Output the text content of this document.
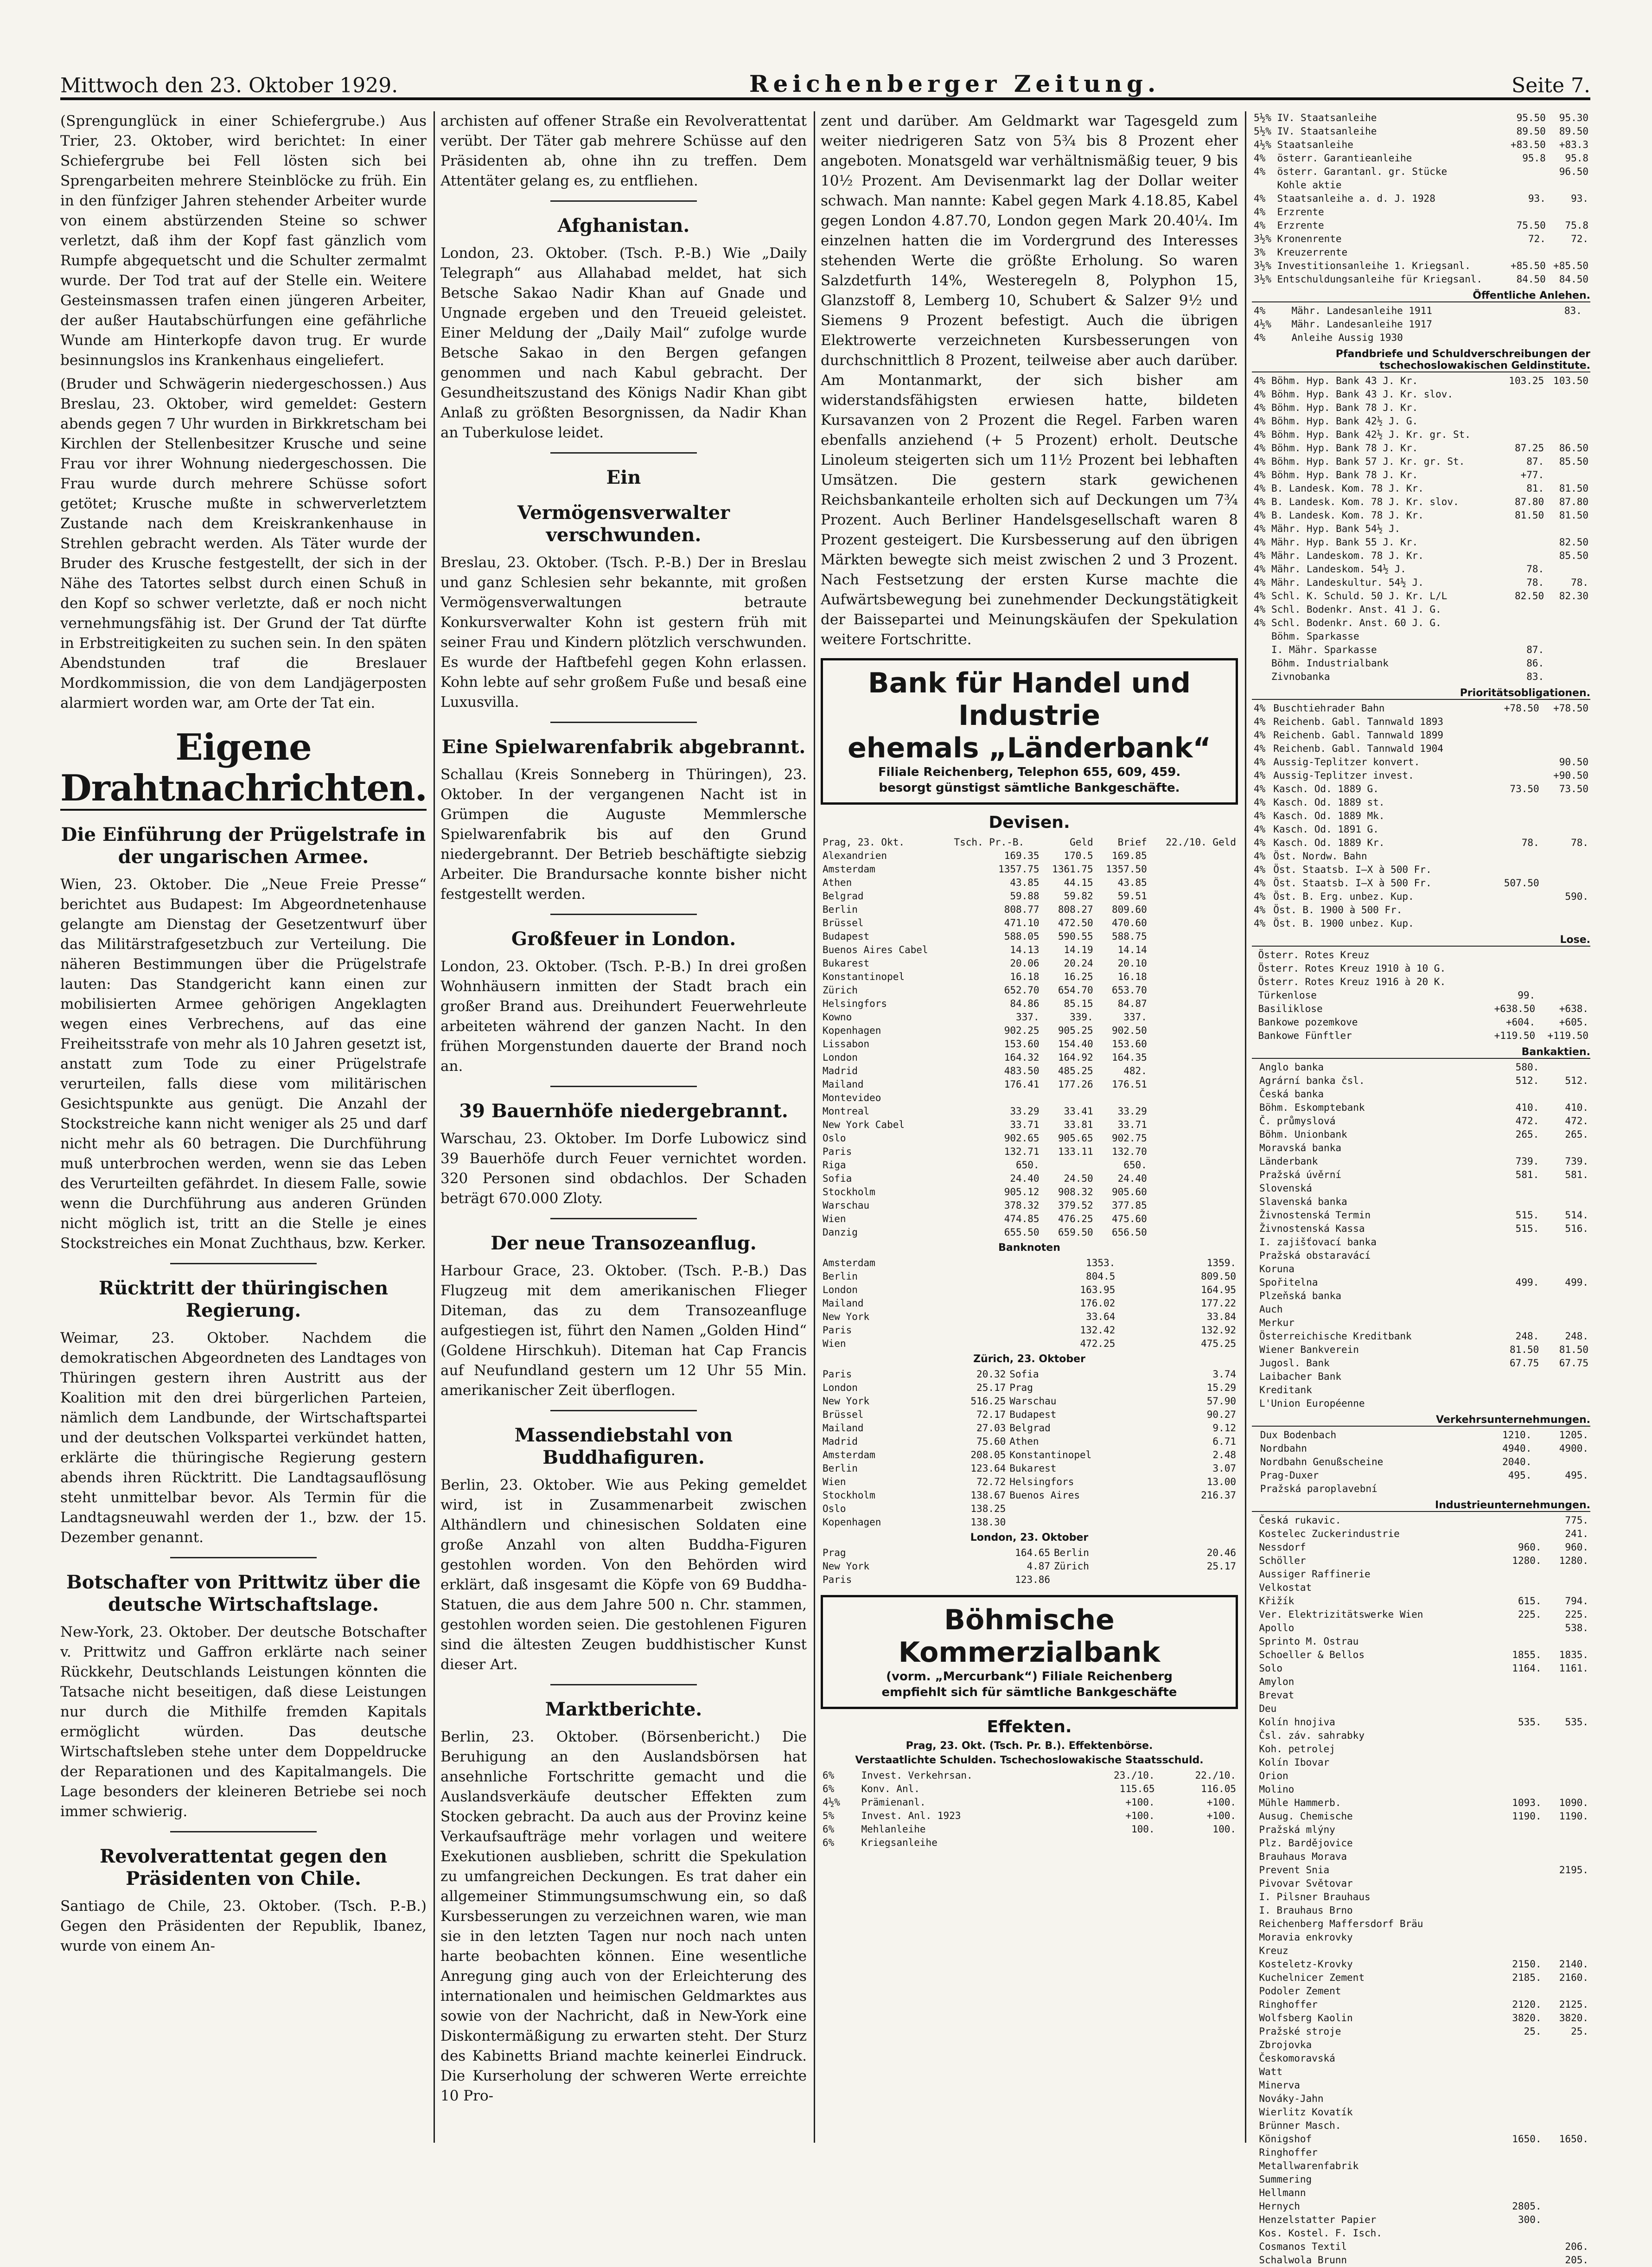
Mittwoch den 23. Oktober 1929.	Reichenberger Zeitung.	Seite 7.

(Sprengunglück in einer Schiefergrube.) Aus Trier, 23. Oktober, wird berichtet: In einer Schiefergrube bei Fell lösten sich bei Sprengarbeiten mehrere Steinblöcke zu früh. Ein in den fünfziger Jahren stehender Arbeiter wurde von einem abstürzenden Steine so schwer verletzt, daß ihm der Kopf fast gänzlich vom Rumpfe abgequetscht und die Schulter zermalmt wurde. Der Tod trat auf der Stelle ein. Weitere Gesteinsmassen trafen einen jüngeren Arbeiter, der außer Hautabschürfungen eine gefährliche Wunde am Hinterkopfe davon trug. Er wurde besinnungslos ins Krankenhaus eingeliefert.

(Bruder und Schwägerin niedergeschossen.) Aus Breslau, 23. Oktober, wird gemeldet: Gestern abends gegen 7 Uhr wurden in Birkkretscham bei Kirchlen der Stellenbesitzer Krusche und seine Frau vor ihrer Wohnung niedergeschossen. Die Frau wurde durch mehrere Schüsse sofort getötet; Krusche mußte in schwerverletztem Zustande nach dem Kreiskrankenhause in Strehlen gebracht werden. Als Täter wurde der Bruder des Krusche festgestellt, der sich in der Nähe des Tatortes selbst durch einen Schuß in den Kopf so schwer verletzte, daß er noch nicht vernehmungsfähig ist. Der Grund der Tat dürfte in Erbstreitigkeiten zu suchen sein. In den späten Abendstunden traf die Breslauer Mordkommission, die von dem Landjägerposten alarmiert worden war, am Orte der Tat ein.

Eigene Drahtnachrichten.
Die Einführung der Prügelstrafe in der ungarischen Armee.

Wien, 23. Oktober. Die „Neue Freie Presse“ berichtet aus Budapest: Im Abgeordnetenhause gelangte am Dienstag der Gesetzentwurf über das Militärstrafgesetzbuch zur Verteilung. Die näheren Bestimmungen über die Prügelstrafe lauten: Das Standgericht kann einen zur mobilisierten Armee gehörigen Angeklagten wegen eines Verbrechens, auf das eine Freiheitsstrafe von mehr als 10 Jahren gesetzt ist, anstatt zum Tode zu einer Prügelstrafe verurteilen, falls diese vom militärischen Gesichtspunkte aus genügt. Die Anzahl der Stockstreiche kann nicht weniger als 25 und darf nicht mehr als 60 betragen. Die Durchführung muß unterbrochen werden, wenn sie das Leben des Verurteilten gefährdet. In diesem Falle, sowie wenn die Durchführung aus anderen Gründen nicht möglich ist, tritt an die Stelle je eines Stockstreiches ein Monat Zuchthaus, bzw. Kerker.

Rücktritt der thüringischen Regierung.

Weimar, 23. Oktober. Nachdem die demokratischen Abgeordneten des Landtages von Thüringen gestern ihren Austritt aus der Koalition mit den drei bürgerlichen Parteien, nämlich dem Landbunde, der Wirtschaftspartei und der deutschen Volkspartei verkündet hatten, erklärte die thüringische Regierung gestern abends ihren Rücktritt. Die Landtagsauflösung steht unmittelbar bevor. Als Termin für die Landtagsneuwahl werden der 1., bzw. der 15. Dezember genannt.

Botschafter von Prittwitz über die deutsche Wirtschaftslage.

New-York, 23. Oktober. Der deutsche Botschafter v. Prittwitz und Gaffron erklärte nach seiner Rückkehr, Deutschlands Leistungen könnten die Tatsache nicht beseitigen, daß diese Leistungen nur durch die Mithilfe fremden Kapitals ermöglicht würden. Das deutsche Wirtschaftsleben stehe unter dem Doppeldrucke der Reparationen und des Kapitalmangels. Die Lage besonders der kleineren Betriebe sei noch immer schwierig.

Revolverattentat gegen den Präsidenten von Chile.

Santiago de Chile, 23. Oktober. (Tsch. P.-B.) Gegen den Präsidenten der Republik, Ibanez, wurde von einem An-

archisten auf offener Straße ein Revolverattentat verübt. Der Täter gab mehrere Schüsse auf den Präsidenten ab, ohne ihn zu treffen. Dem Attentäter gelang es, zu entfliehen.

Afghanistan.

London, 23. Oktober. (Tsch. P.-B.) Wie „Daily Telegraph“ aus Allahabad meldet, hat sich Betsche Sakao Nadir Khan auf Gnade und Ungnade ergeben und den Treueid geleistet. Einer Meldung der „Daily Mail“ zufolge wurde Betsche Sakao in den Bergen gefangen genommen und nach Kabul gebracht. Der Gesundheitszustand des Königs Nadir Khan gibt Anlaß zu größten Besorgnissen, da Nadir Khan an Tuberkulose leidet.

Ein
Vermögensverwalter verschwunden.

Breslau, 23. Oktober. (Tsch. P.-B.) Der in Breslau und ganz Schlesien sehr bekannte, mit großen Vermögensverwaltungen betraute Konkursverwalter Kohn ist gestern früh mit seiner Frau und Kindern plötzlich verschwunden. Es wurde der Haftbefehl gegen Kohn erlassen. Kohn lebte auf sehr großem Fuße und besaß eine Luxusvilla.

Eine Spielwarenfabrik abgebrannt.

Schallau (Kreis Sonneberg in Thüringen), 23. Oktober. In der vergangenen Nacht ist in Grümpen die Auguste Memmlersche Spielwarenfabrik bis auf den Grund niedergebrannt. Der Betrieb beschäftigte siebzig Arbeiter. Die Brandursache konnte bisher nicht festgestellt werden.

Großfeuer in London.

London, 23. Oktober. (Tsch. P.-B.) In drei großen Wohnhäusern inmitten der Stadt brach ein großer Brand aus. Dreihundert Feuerwehrleute arbeiteten während der ganzen Nacht. In den frühen Morgenstunden dauerte der Brand noch an.

39 Bauernhöfe niedergebrannt.

Warschau, 23. Oktober. Im Dorfe Lubowicz sind 39 Bauerhöfe durch Feuer vernichtet worden. 320 Personen sind obdachlos. Der Schaden beträgt 670.000 Zloty.

Der neue Transozeanflug.

Harbour Grace, 23. Oktober. (Tsch. P.-B.) Das Flugzeug mit dem amerikanischen Flieger Diteman, das zu dem Transozeanfluge aufgestiegen ist, führt den Namen „Golden Hind“ (Goldene Hirschkuh). Diteman hat Cap Francis auf Neufundland gestern um 12 Uhr 55 Min. amerikanischer Zeit überflogen.

Massendiebstahl von Buddhafiguren.

Berlin, 23. Oktober. Wie aus Peking gemeldet wird, ist in Zusammenarbeit zwischen Althändlern und chinesischen Soldaten eine große Anzahl von alten Buddha-Figuren gestohlen worden. Von den Behörden wird erklärt, daß insgesamt die Köpfe von 69 Buddha-Statuen, die aus dem Jahre 500 n. Chr. stammen, gestohlen worden seien. Die gestohlenen Figuren sind die ältesten Zeugen buddhistischer Kunst dieser Art.

Marktberichte.

Berlin, 23. Oktober. (Börsenbericht.) Die Beruhigung an den Auslandsbörsen hat ansehnliche Fortschritte gemacht und die Auslandsverkäufe deutscher Effekten zum Stocken gebracht. Da auch aus der Provinz keine Verkaufsaufträge mehr vorlagen und weitere Exekutionen ausblieben, schritt die Spekulation zu umfangreichen Deckungen. Es trat daher ein allgemeiner Stimmungsumschwung ein, so daß Kursbesserungen zu verzeichnen waren, wie man sie in den letzten Tagen nur noch nach unten harte beobachten können. Eine wesentliche Anregung ging auch von der Erleichterung des internationalen und heimischen Geldmarktes aus sowie von der Nachricht, daß in New-York eine Diskontermäßigung zu erwarten steht. Der Sturz des Kabinetts Briand machte keinerlei Eindruck. Die Kurserholung der schweren Werte erreichte 10 Pro-

zent und darüber. Am Geldmarkt war Tagesgeld zum weiter niedrigeren Satz von 5¾ bis 8 Prozent eher angeboten. Monatsgeld war verhältnismäßig teuer, 9 bis 10½ Prozent. Am Devisenmarkt lag der Dollar weiter schwach. Man nannte: Kabel gegen Mark 4.18.85, Kabel gegen London 4.87.70, London gegen Mark 20.40¼. Im einzelnen hatten die im Vordergrund des Interesses stehenden Werte die größte Erholung. So waren Salzdetfurth 14%, Westeregeln 8, Polyphon 15, Glanzstoff 8, Lemberg 10, Schubert & Salzer 9½ und Siemens 9 Prozent befestigt. Auch die übrigen Elektrowerte verzeichneten Kursbesserungen von durchschnittlich 8 Prozent, teilweise aber auch darüber. Am Montanmarkt, der sich bisher am widerstandsfähigsten erwiesen hatte, bildeten Kursavanzen von 2 Prozent die Regel. Farben waren ebenfalls anziehend (+ 5 Prozent) erholt. Deutsche Linoleum steigerten sich um 11½ Prozent bei lebhaften Umsätzen. Die gestern stark gewichenen Reichsbankanteile erholten sich auf Deckungen um 7¾ Prozent. Auch Berliner Handelsgesellschaft waren 8 Prozent gesteigert. Die Kursbesserung auf den übrigen Märkten bewegte sich meist zwischen 2 und 3 Prozent. Nach Festsetzung der ersten Kurse machte die Aufwärtsbewegung bei zunehmender Deckungstätigkeit der Baissepartei und Meinungskäufen der Spekulation weitere Fortschritte.

Bank für Handel und Industrie
ehemals „Länderbank“
Filiale Reichenberg, Telephon 655, 609, 459.
besorgt günstigst sämtliche Bankgeschäfte.
Devisen.
Prag, 23. Okt.	Tsch. Pr.-B.	Geld	Brief	22./10. Geld
Alexandrien	169.35	170.5	169.85	
Amsterdam	1357.75	1361.75	1357.50	
Athen	43.85	44.15	43.85	
Belgrad	59.88	59.82	59.51	
Berlin	808.77	808.27	809.60	
Brüssel	471.10	472.50	470.60	
Budapest	588.05	590.55	588.75	
Buenos Aires Cabel	14.13	14.19	14.14	
Bukarest	20.06	20.24	20.10	
Konstantinopel	16.18	16.25	16.18	
Zürich	652.70	654.70	653.70	
Helsingfors	84.86	85.15	84.87	
Kowno	337.	339.	337.	
Kopenhagen	902.25	905.25	902.50	
Lissabon	153.60	154.40	153.60	
London	164.32	164.92	164.35	
Madrid	483.50	485.25	482.	
Mailand	176.41	177.26	176.51	
Montevideo				
Montreal	33.29	33.41	33.29	
New York Cabel	33.71	33.81	33.71	
Oslo	902.65	905.65	902.75	
Paris	132.71	133.11	132.70	
Riga	650.		650.	
Sofia	24.40	24.50	24.40	
Stockholm	905.12	908.32	905.60	
Warschau	378.32	379.52	377.85	
Wien	474.85	476.25	475.60	
Danzig	655.50	659.50	656.50	
Banknoten
Amsterdam	1353.	1359.
Berlin	804.5	809.50
London	163.95	164.95
Mailand	176.02	177.22
New York	33.64	33.84
Paris	132.42	132.92
Wien	472.25	475.25
Zürich, 23. Oktober
Paris	20.32	Sofia	3.74
London	25.17	Prag	15.29
New York	516.25	Warschau	57.90
Brüssel	72.17	Budapest	90.27
Mailand	27.03	Belgrad	9.12
Madrid	75.60	Athen	6.71
Amsterdam	208.05	Konstantinopel	2.48
Berlin	123.64	Bukarest	3.07
Wien	72.72	Helsingfors	13.00
Stockholm	138.67	Buenos Aires	216.37
Oslo	138.25		
Kopenhagen	138.30		
London, 23. Oktober
Prag	164.65	Berlin	20.46
New York	4.87	Zürich	25.17
Paris	123.86		
Böhmische Kommerzialbank
(vorm. „Mercurbank“) Filiale Reichenberg
empfiehlt sich für sämtliche Bankgeschäfte
Effekten.
Prag, 23. Okt. (Tsch. Pr. B.). Effektenbörse.
Verstaatlichte Schulden. Tschechoslowakische Staatsschuld.
6%	Invest. Verkehrsan.		23./10.	22./10.
6%	Konv. Anl.		115.65	116.05
4½%	Prämienanl.		+100.	+100.
5%	Invest. Anl. 1923		+100.	+100.
6%	Mehlanleihe		100.	100.
6%	Kriegsanleihe			
5½%	IV. Staatsanleihe	95.50	95.30
5½%	IV. Staatsanleihe	89.50	89.50
4½%	Staatsanleihe	+83.50	+83.3
4%	österr. Garantieanleihe	95.8	95.8
4%	österr. Garantanl. gr. Stücke		96.50
	Kohle aktie		
4%	Staatsanleihe a. d. J. 1928	93.	93.
4%	Erzrente		
4%	Erzrente	75.50	75.8
3½%	Kronenrente	72.	72.
3%	Kreuzerrente		
3½%	Investitionsanleihe 1. Kriegsanl.	+85.50	+85.50
3½%	Entschuldungsanleihe für Kriegsanl.	84.50	84.50
Öffentliche Anlehen.
4%	Mähr. Landesanleihe 1911	83.	
4½%	Mähr. Landesanleihe 1917		
4%	Anleihe Aussig 1930		
Pfandbriefe und Schuldverschreibungen der tschechoslowakischen Geldinstitute.
4%	Böhm. Hyp. Bank 43 J. Kr.	103.25	103.50
4%	Böhm. Hyp. Bank 43 J. Kr. slov.		
4%	Böhm. Hyp. Bank 78 J. Kr.		
4%	Böhm. Hyp. Bank 42½ J. G.		
4%	Böhm. Hyp. Bank 42½ J. Kr. gr. St.		
4%	Böhm. Hyp. Bank 78 J. Kr.	87.25	86.50
4%	Böhm. Hyp. Bank 57 J. Kr. gr. St.	87.	85.50
4%	Böhm. Hyp. Bank 78 J. Kr.	+77.	
4%	B. Landesk. Kom. 78 J. Kr.	81.	81.50
4%	B. Landesk. Kom. 78 J. Kr. slov.	87.80	87.80
4%	B. Landesk. Kom. 78 J. Kr.	81.50	81.50
4%	Mähr. Hyp. Bank 54½ J.		
4%	Mähr. Hyp. Bank 55 J. Kr.		82.50
4%	Mähr. Landeskom. 78 J. Kr.		85.50
4%	Mähr. Landeskom. 54½ J.	78.	
4%	Mähr. Landeskultur. 54½ J.	78.	78.
4%	Schl. K. Schuld. 50 J. Kr. L/L	82.50	82.30
4%	Schl. Bodenkr. Anst. 41 J. G.		
4%	Schl. Bodenkr. Anst. 60 J. G.		
	Böhm. Sparkasse		
	I. Mähr. Sparkasse	87.	
	Böhm. Industrialbank	86.	
	Zivnobanka	83.	
Prioritätsobligationen.
4%	Buschtiehrader Bahn	+78.50	+78.50
4%	Reichenb. Gabl. Tannwald 1893		
4%	Reichenb. Gabl. Tannwald 1899		
4%	Reichenb. Gabl. Tannwald 1904		
4%	Aussig-Teplitzer konvert.		90.50
4%	Aussig-Teplitzer invest.		+90.50
4%	Kasch. Od. 1889 G.	73.50	73.50
4%	Kasch. Od. 1889 st.		
4%	Kasch. Od. 1889 Mk.		
4%	Kasch. Od. 1891 G.		
4%	Kasch. Od. 1889 Kr.	78.	78.
4%	Öst. Nordw. Bahn		
4%	Öst. Staatsb. I–X à 500 Fr.		
4%	Öst. Staatsb. I–X à 500 Fr.	507.50	
4%	Öst. B. Erg. unbez. Kup.		590.
4%	Öst. B. 1900 à 500 Fr.		
4%	Öst. B. 1900 unbez. Kup.		
Lose.
	Österr. Rotes Kreuz		
	Österr. Rotes Kreuz 1910 à 10 G.		
	Österr. Rotes Kreuz 1916 à 20 K.		
	Türkenlose	99.	
	Basiliklose	+638.50	+638.
	Bankowe pozemkove	+604.	+605.
	Bankowe Fünftler	+119.50	+119.50
Bankaktien.
	Anglo banka	580.	
	Agrární banka čsl.	512.	512.
	Česká banka		
	Böhm. Eskomptebank	410.	410.
	Č. průmyslová	472.	472.
	Böhm. Unionbank	265.	265.
	Moravská banka		
	Länderbank	739.	739.
	Pražská úvěrní	581.	581.
	Slovenská		
	Slavenská banka		
	Živnostenská Termin	515.	514.
	Živnostenská Kassa	515.	516.
	I. zajišťovací banka		
	Pražská obstaravácí		
	Koruna		
	Spořitelna	499.	499.
	Plzeňská banka		
	Auch		
	Merkur		
	Österreichische Kreditbank	248.	248.
	Wiener Bankverein	81.50	81.50
	Jugosl. Bank	67.75	67.75
	Laibacher Bank		
	Kreditank		
	L'Union Européenne		
Verkehrsunternehmungen.
	Dux Bodenbach	1210.	1205.
	Nordbahn	4940.	4900.
	Nordbahn Genußscheine	2040.	
	Prag-Duxer	495.	495.
	Pražská paroplavební		
Industrieunternehmungen.
	Česká rukavic.		775.
	Kostelec Zuckerindustrie		241.
	Nessdorf	960.	960.
	Schöller	1280.	1280.
	Aussiger Raffinerie		
	Velkostat		
	Křižík	615.	794.
	Ver. Elektrizitätswerke Wien	225.	225.
	Apollo		538.
	Sprinto M. Ostrau		
	Schoeller & Bellos	1855.	1835.
	Solo	1164.	1161.
	Amylon		
	Brevat		
	Deu		
	Kolín hnojiva	535.	535.
	Čsl. záv. sahrabky		
	Koh. petrolej		
	Kolín Ibovar		
	Orion		
	Molino		
	Mühle Hammerb.	1093.	1090.
	Ausug. Chemische	1190.	1190.
	Pražská mlýny		
	Plz. Bardějovice		
	Brauhaus Morava		
	Prevent Snia		2195.
	Pivovar Světovar		
	I. Pilsner Brauhaus		
	I. Brauhaus Brno		
	Reichenberg Maffersdorf Bräu		
	Moravia enkrovky		
	Kreuz		
	Kosteletz-Krovky	2150.	2140.
	Kuchelnicer Zement	2185.	2160.
	Podoler Zement		
	Ringhoffer	2120.	2125.
	Wolfsberg Kaolin	3820.	3820.
	Pražské stroje	25.	25.
	Zbrojovka		
	Českomoravská		
	Watt		
	Minerva		
	Nováky-Jahn		
	Wierlitz Kovatík		
	Brünner Masch.		
	Königshof	1650.	1650.
	Ringhoffer		
	Metallwarenfabrik		
	Summering		
	Hellmann		
	Hernych	2805.	
	Henzelstatter Papier	300.	
	Kos. Kostel. F. Isch.		
	Cosmanos Textil		206.
	Schalwola Brunn		205.
